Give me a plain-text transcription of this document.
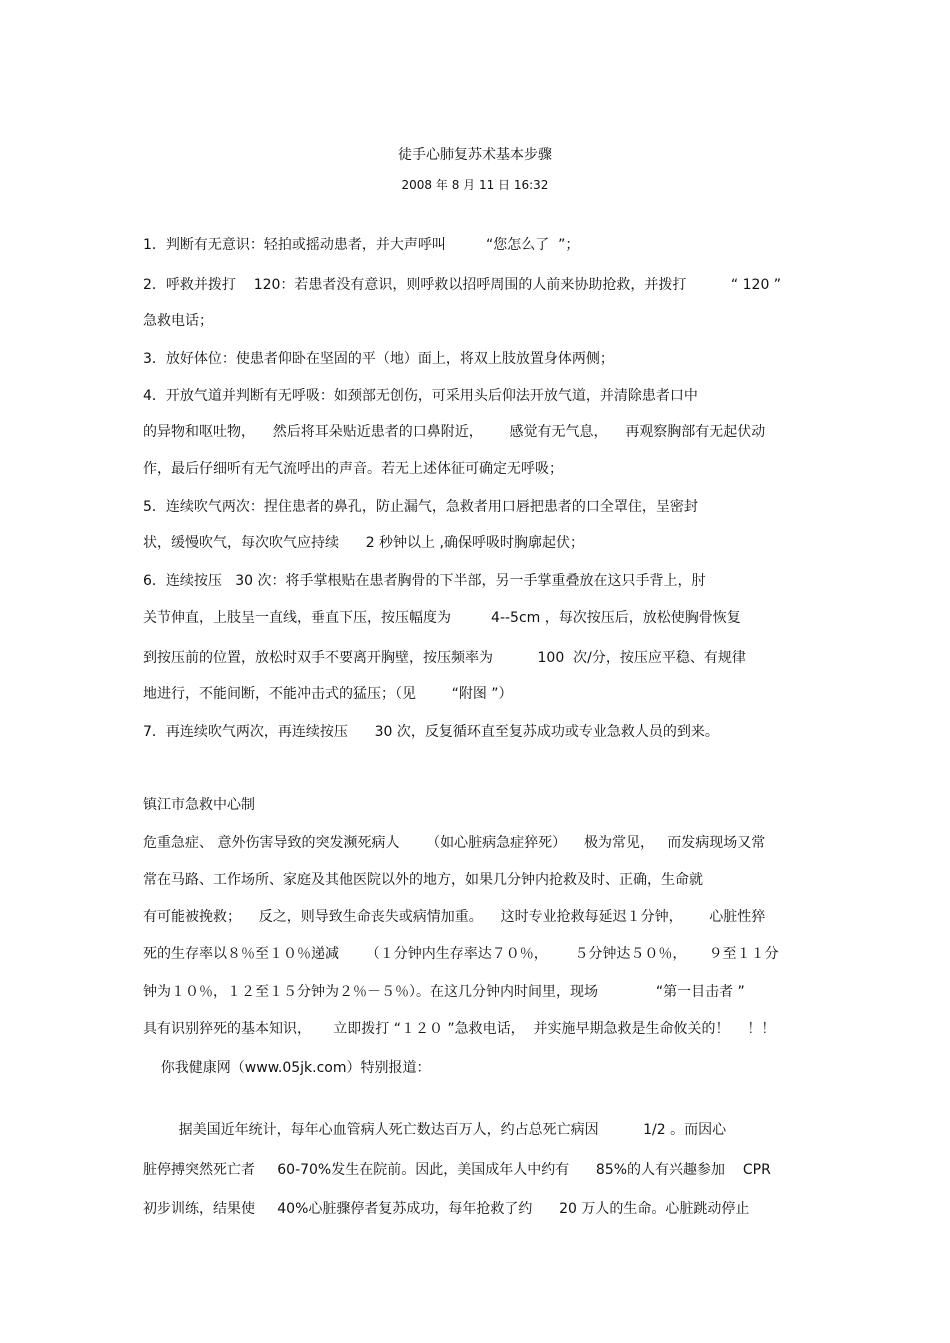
徒手心肺复苏术基本步骤
2008 年 8 月 11 日 16:32
1．判断有无意识：轻拍或摇动患者，并大声呼叫         “您怎么了  ”；
2．呼救并拨打    120：若患者没有意识，则呼救以招呼周围的人前来协助抢救，并拨打          “ 120 ”
急救电话；
3．放好体位：使患者仰卧在坚固的平（地）面上，将双上肢放置身体两侧；
4．开放气道并判断有无呼吸：如颈部无创伤，可采用头后仰法开放气道，并清除患者口中
的异物和呕吐物，    然后将耳朵贴近患者的口鼻附近，      感觉有无气息，    再观察胸部有无起伏动
作，最后仔细听有无气流呼出的声音。若无上述体征可确定无呼吸；
5．连续吹气两次：捏住患者的鼻孔，防止漏气，急救者用口唇把患者的口全罩住，呈密封
状，缓慢吹气，每次吹气应持续      2 秒钟以上 ,确保呼吸时胸廓起伏；
6．连续按压   30 次：将手掌根贴在患者胸骨的下半部，另一手掌重叠放在这只手背上，肘
关节伸直，上肢呈一直线，垂直下压，按压幅度为         4--5cm ，每次按压后，放松使胸骨恢复
到按压前的位置，放松时双手不要离开胸壁，按压频率为          100  次/分，按压应平稳、有规律
地进行，不能间断，不能冲击式的猛压；（见        “附图 ”）
7．再连续吹气两次，再连续按压      30 次，反复循环直至复苏成功或专业急救人员的到来。
镇江市急救中心制
危重急症、 意外伤害导致的突发濒死病人      （如心脏病急症猝死）    极为常见，   而发病现场又常
常在马路、工作场所、家庭及其他医院以外的地方，如果几分钟内抢救及时、正确，生命就
有可能被挽救；    反之，则导致生命丧失或病情加重。    这时专业抢救每延迟１分钟，      心脏性猝
死的生存率以８％至１０％递减      （１分钟内生存率达７０％，      ５分钟达５０％，     ９至１１分
钟为１０％，１２至１５分钟为２％－５％）。在这几分钟内时间里，现场             “第一目击者 ”
具有识别猝死的基本知识，     立即拨打 “１２０ ”急救电话，  并实施早期急救是生命攸关的！    ！！
你我健康网（www.05jk.com）特别报道：
据美国近年统计，每年心血管病人死亡数达百万人，约占总死亡病因          1/2 。而因心
脏停搏突然死亡者     60-70%发生在院前。因此，美国成年人中约有      85%的人有兴趣参加    CPR
初步训练，结果使     40%心脏骤停者复苏成功，每年抢救了约      20 万人的生命。心脏跳动停止
